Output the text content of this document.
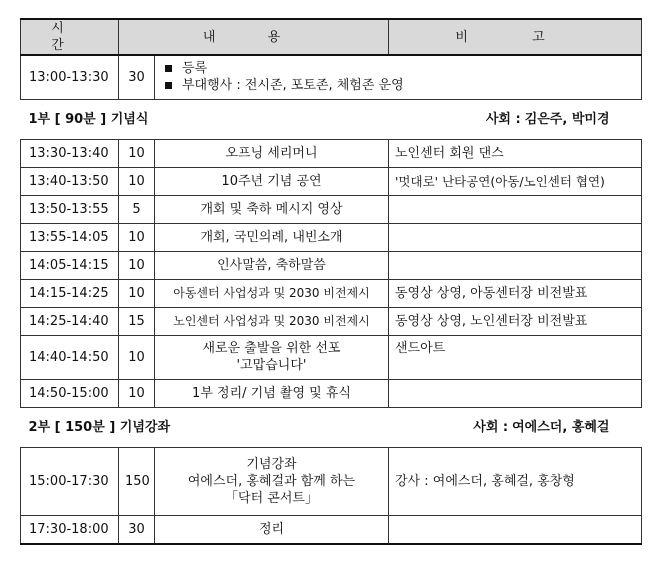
시 간	내 용		비 고
13:00-13:30	30	등록
부대행사 : 전시존, 포토존, 체험존 운영	

1부 [ 90분 ] 기념식 사회 : 김은주, 박미경			

13:30-13:40	10	오프닝 세리머니	노인센터 회원 댄스
13:40-13:50	10	10주년 기념 공연	'멋대로' 난타공연(아동/노인센터 협연)
13:50-13:55	5	개회 및 축하 메시지 영상	
13:55-14:05	10	개회, 국민의례, 내빈소개	
14:05-14:15	10	인사말씀, 축하말씀	
14:15-14:25	10	아동센터 사업성과 및 2030 비전제시	동영상 상영, 아동센터장 비전발표
14:25-14:40	15	노인센터 사업성과 및 2030 비전제시	동영상 상영, 노인센터장 비전발표
14:40-14:50	10	새로운 출발을 위한 선포
'고맙습니다'	샌드아트
14:50-15:00	10	1부 정리/ 기념 촬영 및 휴식	

2부 [ 150분 ] 기념강좌 사회 : 여에스더, 홍혜걸			

15:00-17:30	150	기념강좌
여에스더, 홍혜걸과 함께 하는
「닥터 콘서트」	강사 : 여에스더, 홍혜걸, 홍창형
17:30-18:00	30	정리	
